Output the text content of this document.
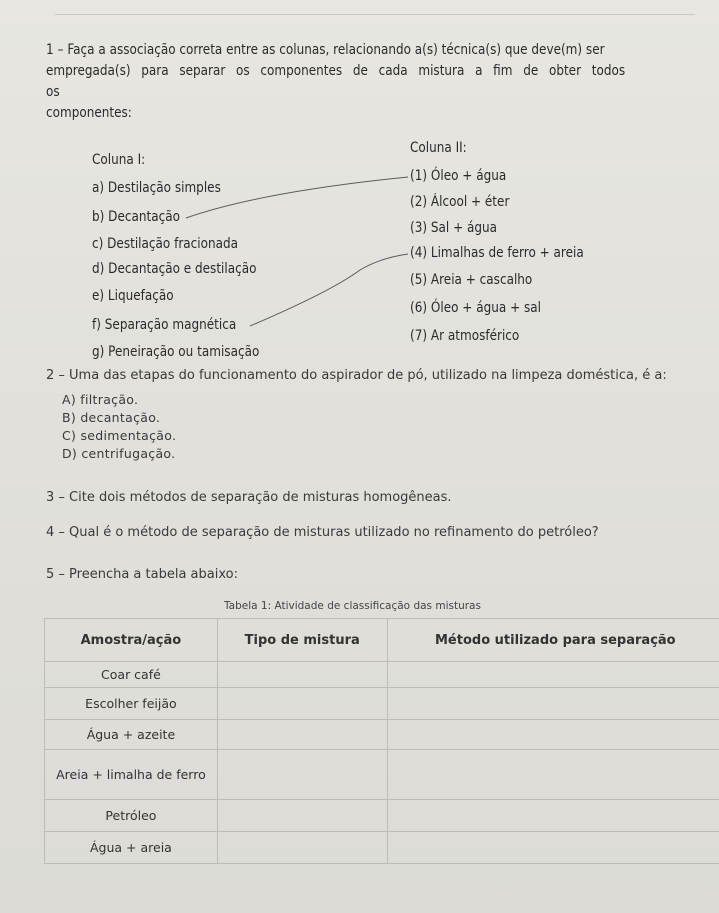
1 – Faça a associação correta entre as colunas, relacionando a(s) técnica(s) que deve(m) ser
empregada(s) para separar os componentes de cada mistura a fim de obter todos os
componentes:
Coluna I:
Coluna II:
a) Destilação simples
b) Decantação
c) Destilação fracionada
d) Decantação e destilação
e) Liquefação
f) Separação magnética
g) Peneiração ou tamisação
(1) Óleo + água
(2) Álcool + éter
(3) Sal + água
(4) Limalhas de ferro + areia
(5) Areia + cascalho
(6) Óleo + água + sal
(7) Ar atmosférico
2 – Uma das etapas do funcionamento do aspirador de pó, utilizado na limpeza doméstica, é a:
A) filtração.
B) decantação.
C) sedimentação.
D) centrifugação.
3 – Cite dois métodos de separação de misturas homogêneas.
4 – Qual é o método de separação de misturas utilizado no refinamento do petróleo?
5 – Preencha a tabela abaixo:
Tabela 1: Atividade de classificação das misturas
Amostra/ação	Tipo de mistura	Método utilizado para separação
Coar café		
Escolher feijão		
Água + azeite		
Areia + limalha de ferro		
Petróleo		
Água + areia		
